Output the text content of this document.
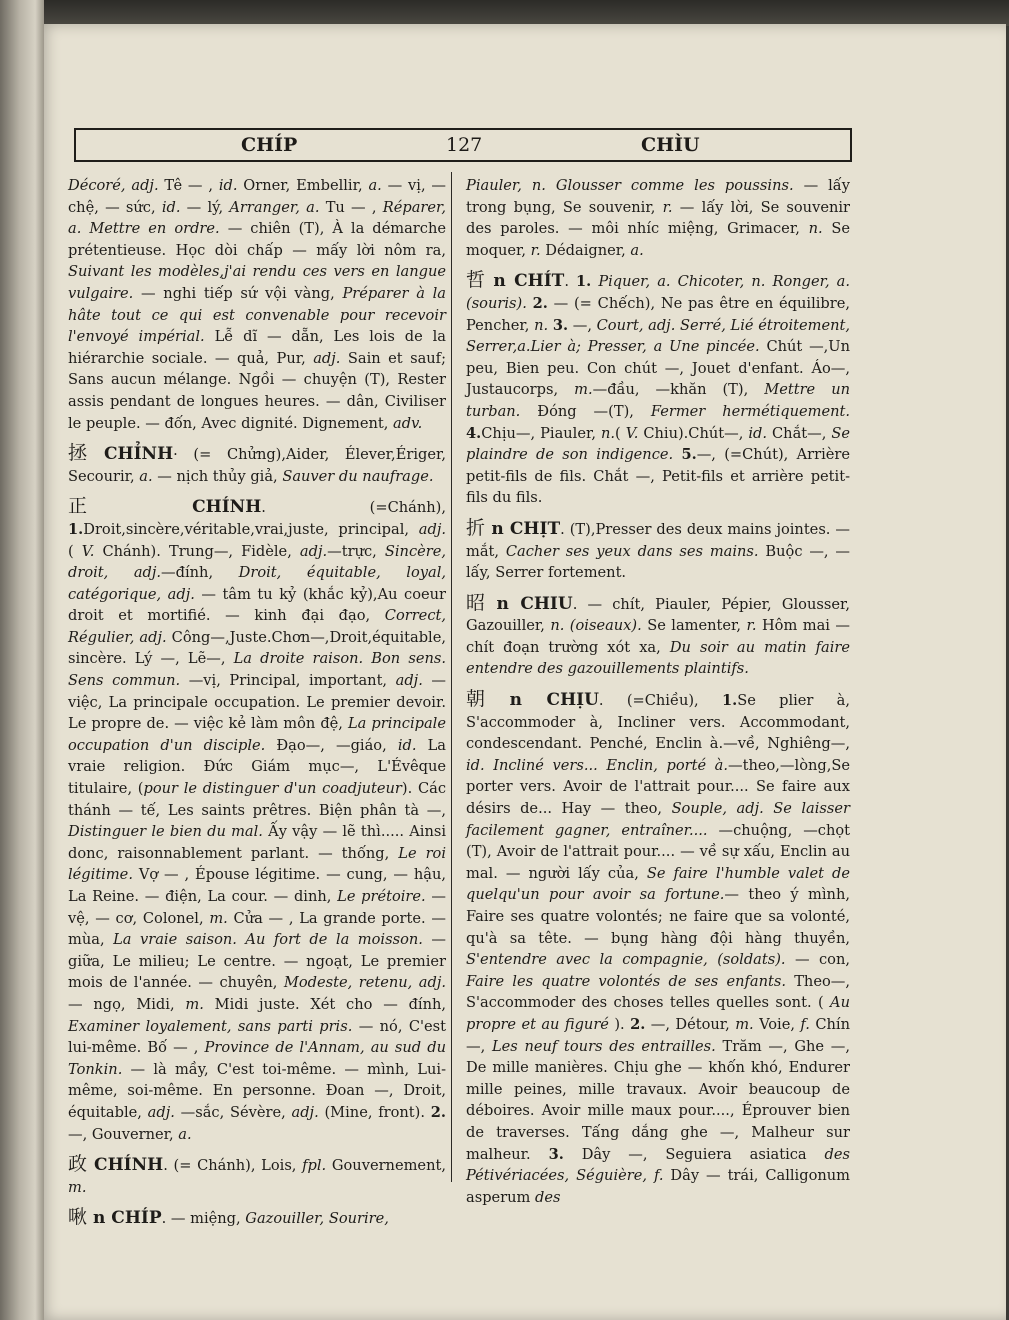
CHÍP	127	CHÌU

Décoré, adj. Tê — , id. Orner, Embellir, a. — vị, — chệ, — sức, id. — lý, Arranger, a. Tu — , Réparer, a. Mettre en ordre. — chiên (T), À la démarche prétentieuse. Học dòi chấp — mấy lời nôm ra, Suivant les modèles,j'ai rendu ces vers en langue vulgaire. — nghi tiếp sứ vội vàng, Préparer à la hâte tout ce qui est convenable pour recevoir l'envoyé impérial. Lễ dĩ — dẵn, Les lois de la hiérarchie sociale. — quả, Pur, adj. Sain et sauf; Sans aucun mélange. Ngồi — chuyện (T), Rester assis pendant de longues heures. — dân, Civiliser le peuple. — đốn, Avec dignité. Dignement, adv.

拯 CHỈNH· (= Chửng),Aider, Élever,Ériger, Secourir, a. — nịch thủy giả, Sauver du naufrage.

正 CHÍNH. (=Chánh), 1.Droit,sincère,véritable,vrai,juste, principal, adj. ( V. Chánh). Trung—, Fidèle, adj.—trực, Sincère, droit, adj.—đính, Droit, équitable, loyal, catégorique, adj. — tâm tu kỷ (khắc kỷ),Au coeur droit et mortifié. — kinh đại đạo, Correct, Régulier, adj. Công—,Juste.Chơn—,Droit,équitable, sincère. Lý —, Lẽ—, La droite raison. Bon sens. Sens commun. —vị, Principal, important, adj. — việc, La principale occupation. Le premier devoir. Le propre de. — việc kẻ làm môn đệ, La principale occupation d'un disciple. Đạo—, —giáo, id. La vraie religion. Đức Giám mục—, L'Évêque titulaire, (pour le distinguer d'un coadjuteur). Các thánh — tế, Les saints prêtres. Biện phân tà —, Distinguer le bien du mal. Ấy vậy — lẽ thì..... Ainsi donc, raisonnablement parlant. — thống, Le roi légitime. Vợ — , Épouse légitime. — cung, — hậu, La Reine. — điện, La cour. — dinh, Le prétoire. — vệ, — cơ, Colonel, m. Cửa — , La grande porte. — mùa, La vraie saison. Au fort de la moisson. — giữa, Le milieu; Le centre. — ngoạt, Le premier mois de l'année. — chuyên, Modeste, retenu, adj. — ngọ, Midi, m. Midi juste. Xét cho — đính, Examiner loyalement, sans parti pris. — nó, C'est lui-même. Bố — , Province de l'Annam, au sud du Tonkin. — là mầy, C'est toi-même. — mình, Lui-même, soi-même. En personne. Đoan —, Droit, équitable, adj. —sắc, Sévère, adj. (Mine, front). 2. —, Gouverner, a.

政 CHÍNH. (= Chánh), Lois, fpl. Gouvernement, m.

啾 n CHÍP. — miệng, Gazouiller, Sourire,

Piauler, n. Glousser comme les poussins. — lấy trong bụng, Se souvenir, r. — lấy lời, Se souvenir des paroles. — môi nhíc miệng, Grimacer, n. Se moquer, r. Dédaigner, a.

哲 n CHÍT. 1. Piquer, a. Chicoter, n. Ronger, a. (souris). 2. — (= Chếch), Ne pas être en équilibre, Pencher, n. 3. —, Court, adj. Serré, Lié étroitement, Serrer,a.Lier à; Presser, a Une pincée. Chút —,Un peu, Bien peu. Con chút —, Jouet d'enfant. Áo—, Justaucorps, m.—đầu, —khăn (T), Mettre un turban. Đóng —(T), Fermer hermétiquement. 4.Chịu—, Piauler, n.( V. Chiu).Chút—, id. Chắt—, Se plaindre de son indigence. 5.—, (=Chút), Arrière petit-fils de fils. Chắt —, Petit-fils et arrière petit-fils du fils.

折 n CHỊT. (T),Presser des deux mains jointes. — mắt, Cacher ses yeux dans ses mains. Buộc —, — lấy, Serrer fortement.

昭 n CHIU. — chít, Piauler, Pépier, Glousser, Gazouiller, n. (oiseaux). Se lamenter, r. Hôm mai — chít đoạn trường xót xa, Du soir au matin faire entendre des gazouillements plaintifs.

朝 n CHỊU. (=Chiều), 1.Se plier à, S'accommoder à, Incliner vers. Accommodant, condescendant. Penché, Enclin à.—về, Nghiêng—, id. Incliné vers... Enclin, porté à.—theo,—lòng,Se porter vers. Avoir de l'attrait pour.... Se faire aux désirs de... Hay — theo, Souple, adj. Se laisser facilement gagner, entraîner.... —chuộng, —chọt (T), Avoir de l'attrait pour.... — về sự xấu, Enclin au mal. — người lấy của, Se faire l'humble valet de quelqu'un pour avoir sa fortune.— theo ý mình, Faire ses quatre volontés; ne faire que sa volonté, qu'à sa tête. — bụng hàng đội hàng thuyền, S'entendre avec la compagnie, (soldats). — con, Faire les quatre volontés de ses enfants. Theo—, S'accommoder des choses telles quelles sont. ( Au propre et au figuré ). 2. —, Détour, m. Voie, f. Chín —, Les neuf tours des entrailles. Trăm —, Ghe —, De mille manières. Chịu ghe — khốn khó, Endurer mille peines, mille travaux. Avoir beaucoup de déboires. Avoir mille maux pour...., Éprouver bien de traverses. Tấng dắng ghe —, Malheur sur malheur. 3. Dây —, Seguiera asiatica des Pétivériacées, Séguière, f. Dây — trái, Calligonum asperum des
